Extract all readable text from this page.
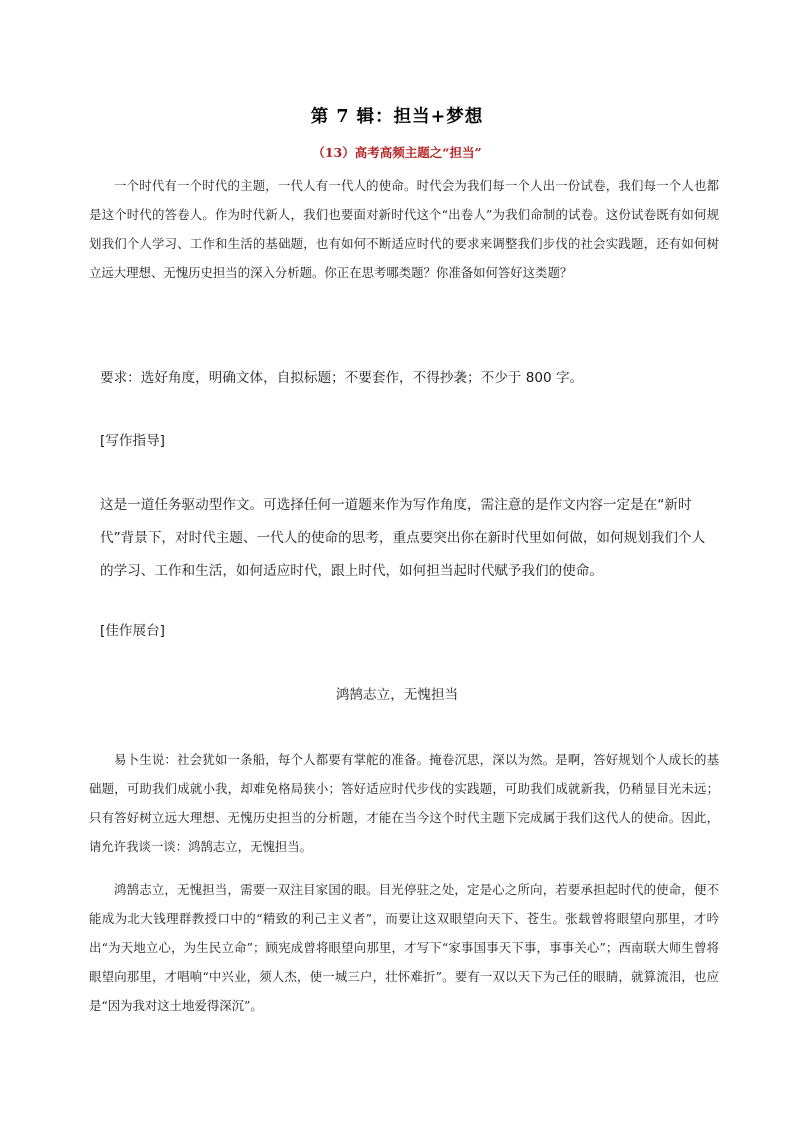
第 7 辑：担当+梦想
（13）高考高频主题之“担当”

一个时代有一个时代的主题，一代人有一代人的使命。时代会为我们每一个人出一份试卷，我们每一个人也都是这个时代的答卷人。作为时代新人，我们也要面对新时代这个“出卷人”为我们命制的试卷。这份试卷既有如何规划我们个人学习、工作和生活的基础题，也有如何不断适应时代的要求来调整我们步伐的社会实践题，还有如何树立远大理想、无愧历史担当的深入分析题。你正在思考哪类题？你准备如何答好这类题？

要求：选好角度，明确文体，自拟标题；不要套作，不得抄袭；不少于 800 字。

[写作指导]

这是一道任务驱动型作文。可选择任何一道题来作为写作角度，需注意的是作文内容一定是在“新时代”背景下，对时代主题、一代人的使命的思考，重点要突出你在新时代里如何做，如何规划我们个人的学习、工作和生活，如何适应时代，跟上时代，如何担当起时代赋予我们的使命。

[佳作展台]

鸿鹄志立，无愧担当

易卜生说：社会犹如一条船，每个人都要有掌舵的准备。掩卷沉思，深以为然。是啊，答好规划个人成长的基础题，可助我们成就小我，却难免格局狭小；答好适应时代步伐的实践题，可助我们成就新我，仍稍显目光未远；只有答好树立远大理想、无愧历史担当的分析题，才能在当今这个时代主题下完成属于我们这代人的使命。因此，请允许我谈一谈：鸿鹄志立，无愧担当。

鸿鹄志立，无愧担当，需要一双注目家国的眼。目光停驻之处，定是心之所向，若要承担起时代的使命，便不能成为北大钱理群教授口中的“精致的利己主义者”，而要让这双眼望向天下、苍生。张载曾将眼望向那里，才吟出“为天地立心，为生民立命”；顾宪成曾将眼望向那里，才写下“家事国事天下事，事事关心”；西南联大师生曾将眼望向那里，才唱响“中兴业，须人杰，使一城三户，壮怀难折”。要有一双以天下为己任的眼睛，就算流泪，也应是“因为我对这土地爱得深沉”。
